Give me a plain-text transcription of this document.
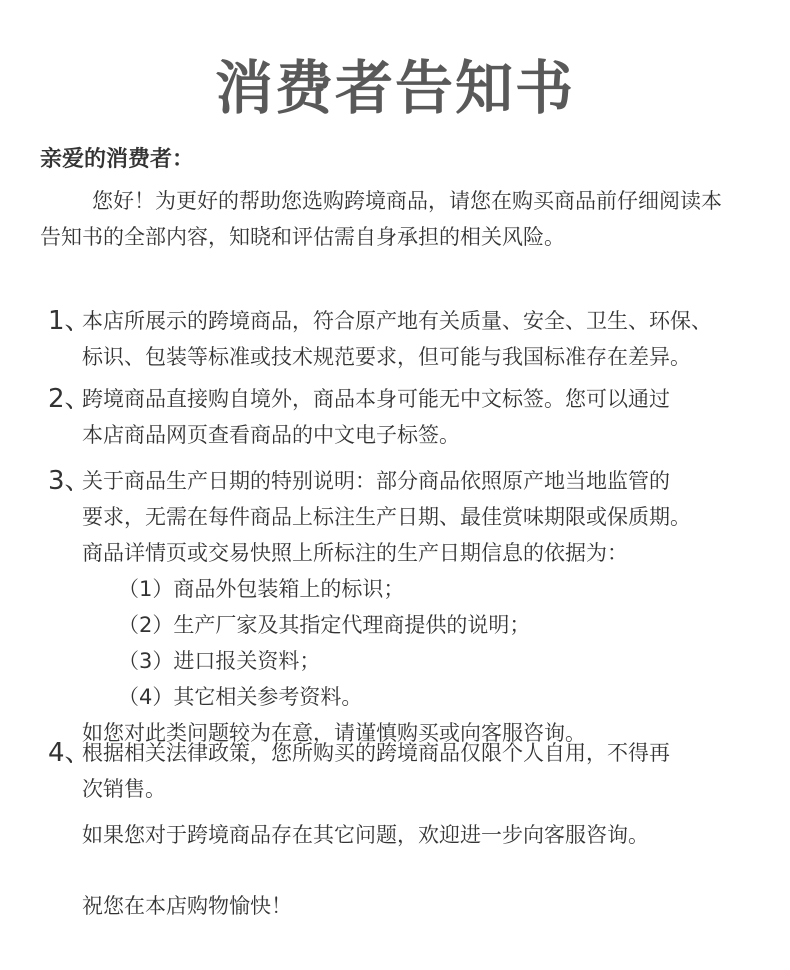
消费者告知书
亲爱的消费者：
您好！为更好的帮助您选购跨境商品，请您在购买商品前仔细阅读本告知书的全部内容，知晓和评估需自身承担的相关风险。
1、
本店所展示的跨境商品，符合原产地有关质量、安全、卫生、环保、
标识、包装等标准或技术规范要求，但可能与我国标准存在差异。
2、
跨境商品直接购自境外，商品本身可能无中文标签。您可以通过
本店商品网页查看商品的中文电子标签。
3、
关于商品生产日期的特别说明：部分商品依照原产地当地监管的
要求，无需在每件商品上标注生产日期、最佳赏味期限或保质期。
商品详情页或交易快照上所标注的生产日期信息的依据为：
（1）商品外包装箱上的标识；
（2）生产厂家及其指定代理商提供的说明；
（3）进口报关资料；
（4）其它相关参考资料。
如您对此类问题较为在意，请谨慎购买或向客服咨询。
4、
根据相关法律政策，您所购买的跨境商品仅限个人自用，不得再
次销售。
如果您对于跨境商品存在其它问题，欢迎进一步向客服咨询。
祝您在本店购物愉快！
